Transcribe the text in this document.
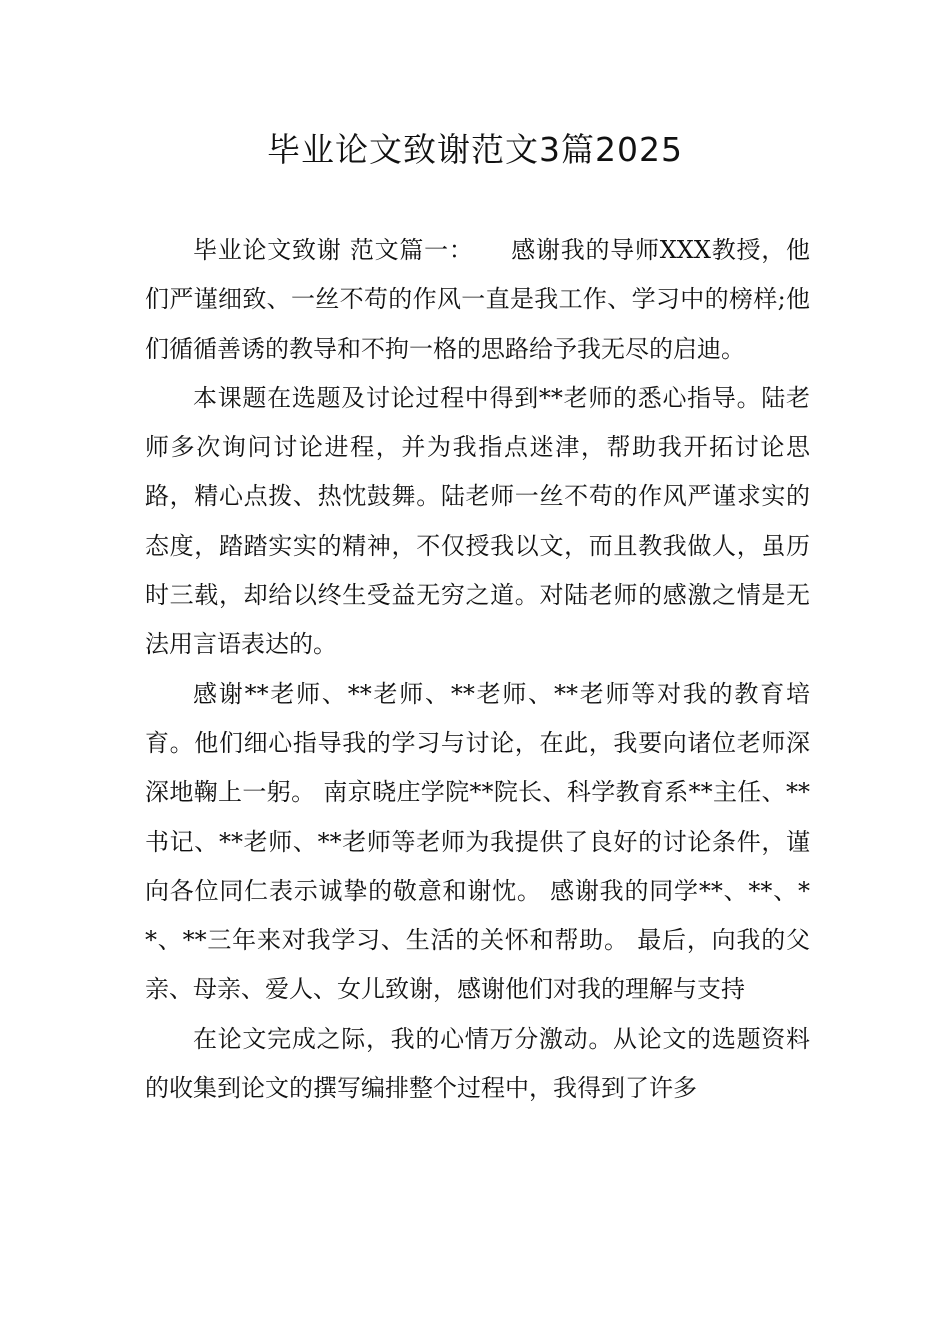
毕业论文致谢范文3篇2025

毕业论文致谢 范文篇一：　　感谢我的导师XXX教授，他们严谨细致、一丝不苟的作风一直是我工作、学习中的榜样;他们循循善诱的教导和不拘一格的思路给予我无尽的启迪。

本课题在选题及讨论过程中得到**老师的悉心指导。陆老师多次询问讨论进程，并为我指点迷津，帮助我开拓讨论思路，精心点拨、热忱鼓舞。陆老师一丝不苟的作风严谨求实的态度，踏踏实实的精神，不仅授我以文，而且教我做人，虽历时三载，却给以终生受益无穷之道。对陆老师的感激之情是无法用言语表达的。

感谢**老师、**老师、**老师、**老师等对我的教育培育。他们细心指导我的学习与讨论，在此，我要向诸位老师深深地鞠上一躬。 南京晓庄学院**院长、科学教育系**主任、**书记、**老师、**老师等老师为我提供了良好的讨论条件，谨向各位同仁表示诚挚的敬意和谢忱。 感谢我的同学**、**、**、**三年来对我学习、生活的关怀和帮助。 最后，向我的父亲、母亲、爱人、女儿致谢，感谢他们对我的理解与支持

在论文完成之际，我的心情万分激动。从论文的选题资料的收集到论文的撰写编排整个过程中，我得到了许多
